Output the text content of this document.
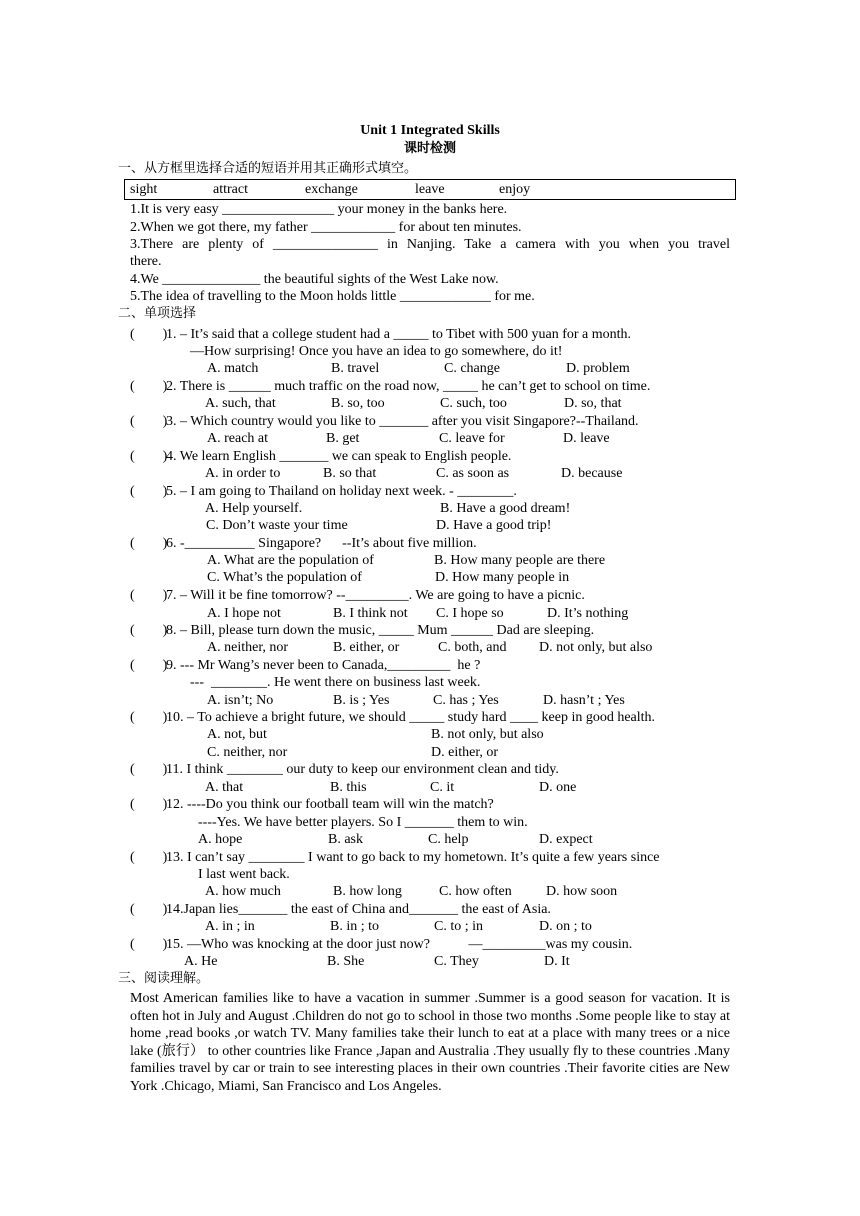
Unit 1 Integrated Skills
课时检测
一、从方框里选择合适的短语并用其正确形式填空。
sight	attract	exchange	leave	enjoy
1.It is very easy ________________ your money in the banks here.
2.When we got there, my father ____________ for about ten minutes.
3.There are plenty of _______________ in Nanjing. Take a camera with you when you travel
there.
4.We ______________ the beautiful sights of the West Lake now.
5.The idea of travelling to the Moon holds little _____________ for me.
二、单项选择
(        )
1. – It’s said that a college student had a _____ to Tibet with 500 yuan for a month.
—How surprising! Once you have an idea to go somewhere, do it!
A. match	B. travel	C. change	D. problem
(        )
2. There is ______ much traffic on the road now, _____ he can’t get to school on time.
A. such, that	B. so, too	C. such, too	D. so, that
(        )
3. – Which country would you like to _______ after you visit Singapore?--Thailand.
A. reach at	B. get	C. leave for	D. leave
(        )
4. We learn English _______ we can speak to English people.
A. in order to	B. so that	C. as soon as	D. because
(        )
5. – I am going to Thailand on holiday next week. - ________.
A. Help yourself.	B. Have a good dream!
C. Don’t waste your time	D. Have a good trip!
(        )
6. -__________ Singapore?      --It’s about five million.
A. What are the population of	B. How many people are there
C. What’s the population of	D. How many people in
(        )
7. – Will it be fine tomorrow? --_________. We are going to have a picnic.
A. I hope not	B. I think not C. I hope so	D. It’s nothing
(        )
8. – Bill, please turn down the music, _____ Mum ______ Dad are sleeping.
A. neither, nor	B. either, or	C. both, and D. not only, but also
(        )
9. --- Mr Wang’s never been to Canada,_________  he ?
---  ________. He went there on business last week.
A. isn’t; No	B. is ; Yes	C. has ; Yes	D. hasn’t ; Yes
(        )
10. – To achieve a bright future, we should _____ study hard ____ keep in good health.
A. not, but	B. not only, but also
C. neither, nor	D. either, or
(        )
11. I think ________ our duty to keep our environment clean and tidy.
A. that	B. this	C. it	D. one
(        )
12. ----Do you think our football team will win the match?
----Yes. We have better players. So I _______ them to win.
A. hope	B. ask	C. help	D. expect
(        )
13. I can’t say ________ I want to go back to my hometown. It’s quite a few years since
I last went back.
A. how much	B. how long	C. how often D. how soon
(        )
14.Japan lies_______ the east of China and_______ the east of Asia.
A. in ; in	B. in ; to	C. to ; in	D. on ; to
(        )
15. —Who was knocking at the door just now?           —_________was my cousin.
A. He	B. She	C. They	D. It
三、阅读理解。
Most American families like to have a vacation in summer .Summer is a good season for vacation. It is often hot in July and August .Children do not go to school in those two months .Some people like to stay at home ,read books ,or watch TV. Many families take their lunch to eat at a place with many trees or a nice lake (旅行） to other countries like France ,Japan and Australia .They usually fly to these countries .Many families travel by car or train to see interesting places in their own countries .Their favorite cities are New York .Chicago, Miami, San Francisco and Los Angeles.
